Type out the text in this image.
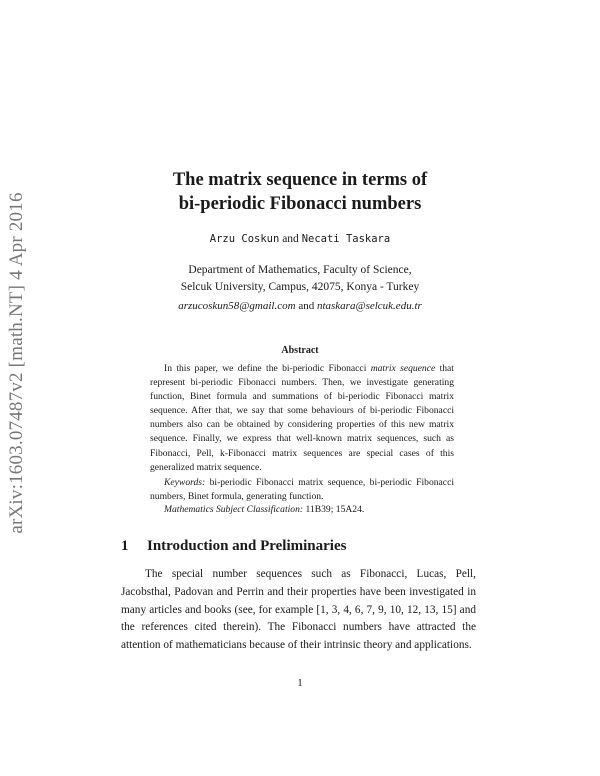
arXiv:1603.07487v2 [math.NT] 4 Apr 2016
The matrix sequence in terms of
bi-periodic Fibonacci numbers
Arzu Coskun and Necati Taskara
Department of Mathematics, Faculty of Science,
Selcuk University, Campus, 42075, Konya - Turkey
arzucoskun58@gmail.com and ntaskara@selcuk.edu.tr
Abstract

In this paper, we define the bi-periodic Fibonacci matrix sequence that represent bi-periodic Fibonacci numbers. Then, we investigate generating function, Binet formula and summations of bi-periodic Fibonacci matrix sequence. After that, we say that some behaviours of bi-periodic Fibonacci numbers also can be obtained by considering properties of this new matrix sequence. Finally, we express that well-known matrix sequences, such as Fibonacci, Pell, k-Fibonacci matrix sequences are special cases of this generalized matrix sequence.

Keywords: bi-periodic Fibonacci matrix sequence, bi-periodic Fibonacci numbers, Binet formula, generating function.

Mathematics Subject Classification: 11B39; 15A24.
1 Introduction and Preliminaries

The special number sequences such as Fibonacci, Lucas, Pell, Jacobsthal, Padovan and Perrin and their properties have been investigated in many articles and books (see, for example [1, 3, 4, 6, 7, 9, 10, 12, 13, 15] and the references cited therein). The Fibonacci numbers have attracted the attention of mathematicians because of their intrinsic theory and applications.

1
